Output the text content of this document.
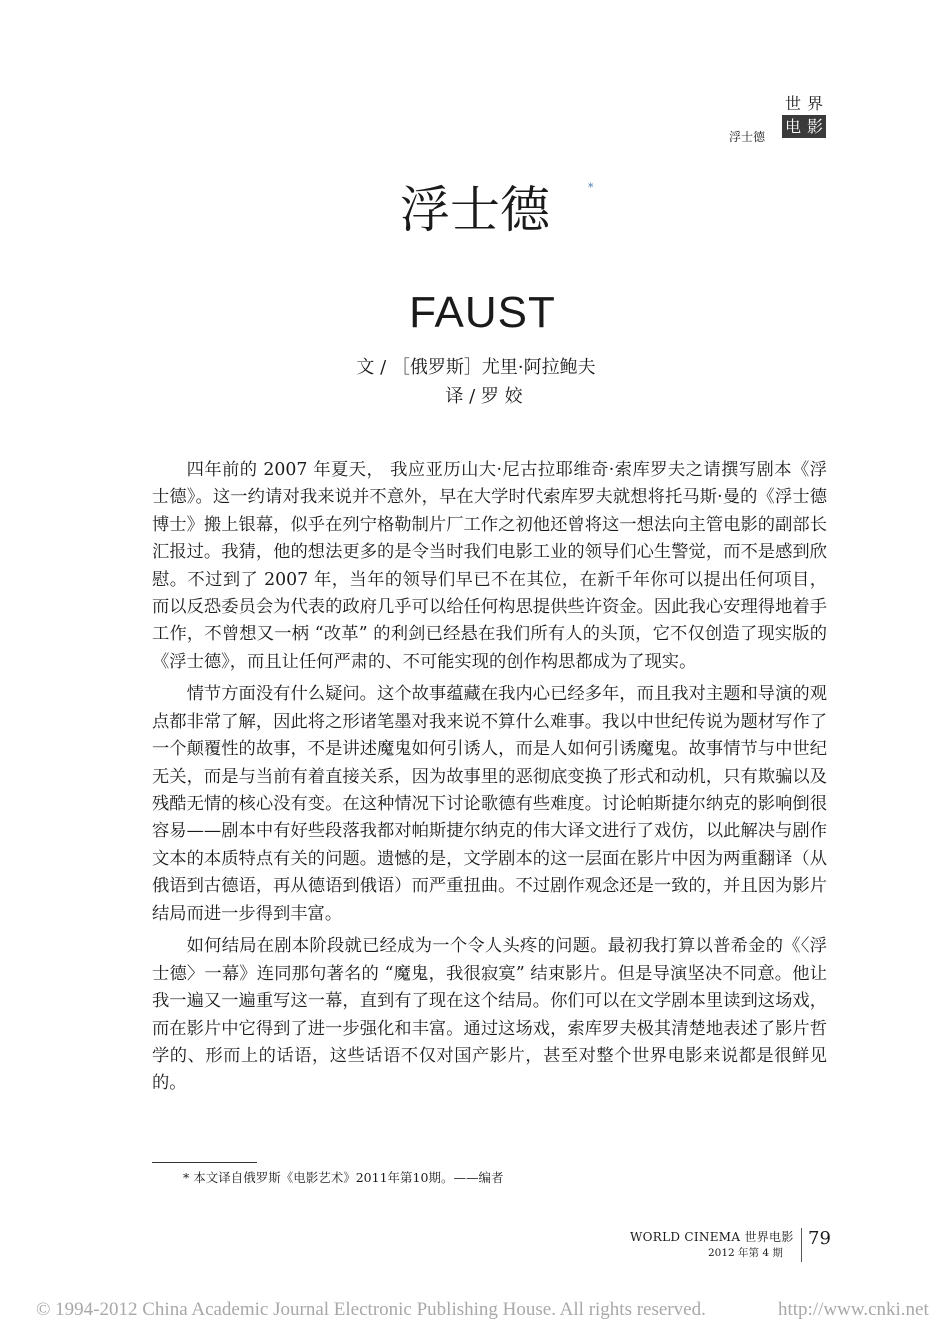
浮士德
世 界
电 影
浮士德	*
FAUST
文 / ［俄罗斯］尤里·阿拉鲍夫
译 / 罗 姣

四年前的 2007 年夏天， 我应亚历山大·尼古拉耶维奇·索库罗夫之请撰写剧本《浮士德》。这一约请对我来说并不意外，早在大学时代索库罗夫就想将托马斯·曼的《浮士德博士》搬上银幕，似乎在列宁格勒制片厂工作之初他还曾将这一想法向主管电影的副部长汇报过。我猜，他的想法更多的是令当时我们电影工业的领导们心生警觉，而不是感到欣慰。不过到了 2007 年，当年的领导们早已不在其位，在新千年你可以提出任何项目，而以反恐委员会为代表的政府几乎可以给任何构思提供些许资金。因此我心安理得地着手工作，不曾想又一柄 “改革” 的利剑已经悬在我们所有人的头顶，它不仅创造了现实版的《浮士德》，而且让任何严肃的、不可能实现的创作构思都成为了现实。

情节方面没有什么疑问。这个故事蕴藏在我内心已经多年，而且我对主题和导演的观点都非常了解，因此将之形诸笔墨对我来说不算什么难事。我以中世纪传说为题材写作了一个颠覆性的故事，不是讲述魔鬼如何引诱人，而是人如何引诱魔鬼。故事情节与中世纪无关，而是与当前有着直接关系，因为故事里的恶彻底变换了形式和动机，只有欺骗以及残酷无情的核心没有变。在这种情况下讨论歌德有些难度。讨论帕斯捷尔纳克的影响倒很容易——剧本中有好些段落我都对帕斯捷尔纳克的伟大译文进行了戏仿，以此解决与剧作文本的本质特点有关的问题。遗憾的是，文学剧本的这一层面在影片中因为两重翻译（从俄语到古德语，再从德语到俄语）而严重扭曲。不过剧作观念还是一致的，并且因为影片结局而进一步得到丰富。

如何结局在剧本阶段就已经成为一个令人头疼的问题。最初我打算以普希金的《〈浮士德〉一幕》连同那句著名的 “魔鬼，我很寂寞” 结束影片。但是导演坚决不同意。他让我一遍又一遍重写这一幕，直到有了现在这个结局。你们可以在文学剧本里读到这场戏，而在影片中它得到了进一步强化和丰富。通过这场戏，索库罗夫极其清楚地表述了影片哲学的、形而上的话语，这些话语不仅对国产影片，甚至对整个世界电影来说都是很鲜见的。

* 本文译自俄罗斯《电影艺术》2011年第10期。——编者
WORLD CINEMA 世界电影
2012 年第 4 期
79
© 1994-2012 China Academic Journal Electronic Publishing House. All rights reserved.	http://www.cnki.net
